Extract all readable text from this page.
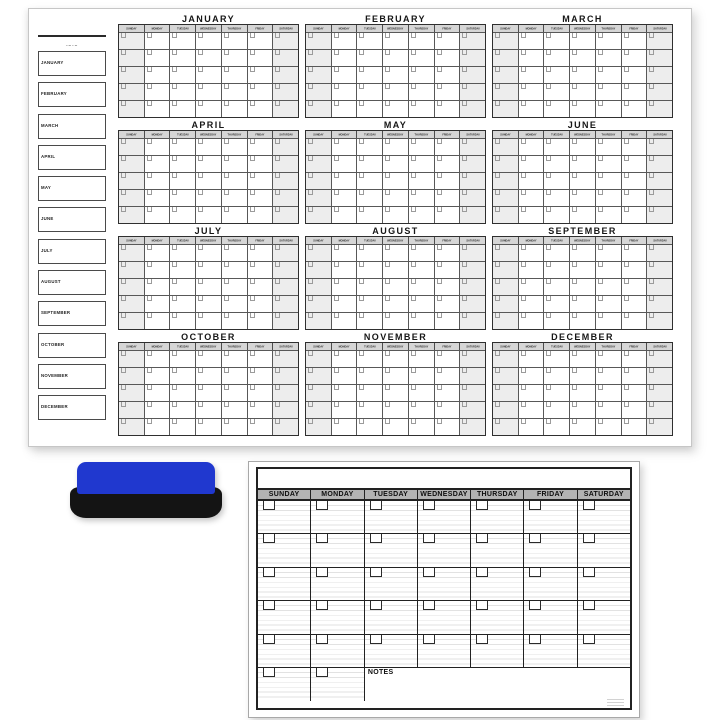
JANUARY
FEBRUARY
MARCH
APRIL
MAY
JUNE
JULY
AUGUST
SEPTEMBER
OCTOBER
NOVEMBER
DECEMBER
JANUARY
SUNDAY	MONDAY TUESDAY WEDNESDAY THURSDAY FRIDAY SATURDAY
FEBRUARY
SUNDAY	MONDAY TUESDAY WEDNESDAY THURSDAY FRIDAY SATURDAY
MARCH
SUNDAY	MONDAY TUESDAY WEDNESDAY THURSDAY FRIDAY SATURDAY
APRIL
SUNDAY	MONDAY TUESDAY WEDNESDAY THURSDAY FRIDAY SATURDAY
MAY
SUNDAY	MONDAY TUESDAY WEDNESDAY THURSDAY FRIDAY SATURDAY
JUNE
SUNDAY	MONDAY TUESDAY WEDNESDAY THURSDAY FRIDAY SATURDAY
JULY
SUNDAY	MONDAY TUESDAY WEDNESDAY THURSDAY FRIDAY SATURDAY
AUGUST
SUNDAY	MONDAY TUESDAY WEDNESDAY THURSDAY FRIDAY SATURDAY
SEPTEMBER
SUNDAY	MONDAY TUESDAY WEDNESDAY THURSDAY FRIDAY SATURDAY
OCTOBER
SUNDAY	MONDAY TUESDAY WEDNESDAY THURSDAY FRIDAY SATURDAY
NOVEMBER
SUNDAY	MONDAY TUESDAY WEDNESDAY THURSDAY FRIDAY SATURDAY
DECEMBER
SUNDAY	MONDAY TUESDAY WEDNESDAY THURSDAY FRIDAY SATURDAY
SUNDAY	MONDAY	TUESDAY	WEDNESDAY	THURSDAY	FRIDAY	SATURDAY
NOTES
